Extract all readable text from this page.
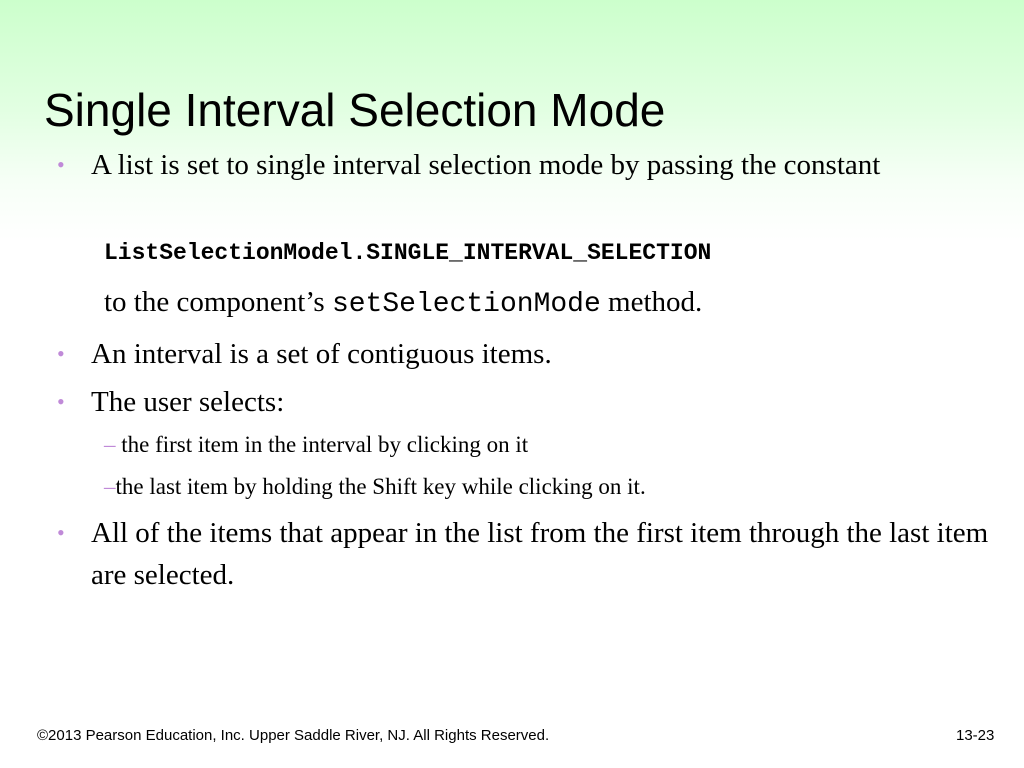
Single Interval Selection Mode
• A list is set to single interval selection mode by passing the constant
ListSelectionModel.SINGLE_INTERVAL_SELECTION
to the component’s setSelectionMode method.
• An interval is a set of contiguous items.
• The user selects:
– the first item in the interval by clicking on it
–the last item by holding the Shift key while clicking on it.
• All of the items that appear in the list from the first item through the last item are selected.
©2013 Pearson Education, Inc. Upper Saddle River, NJ. All Rights Reserved.	13-23
